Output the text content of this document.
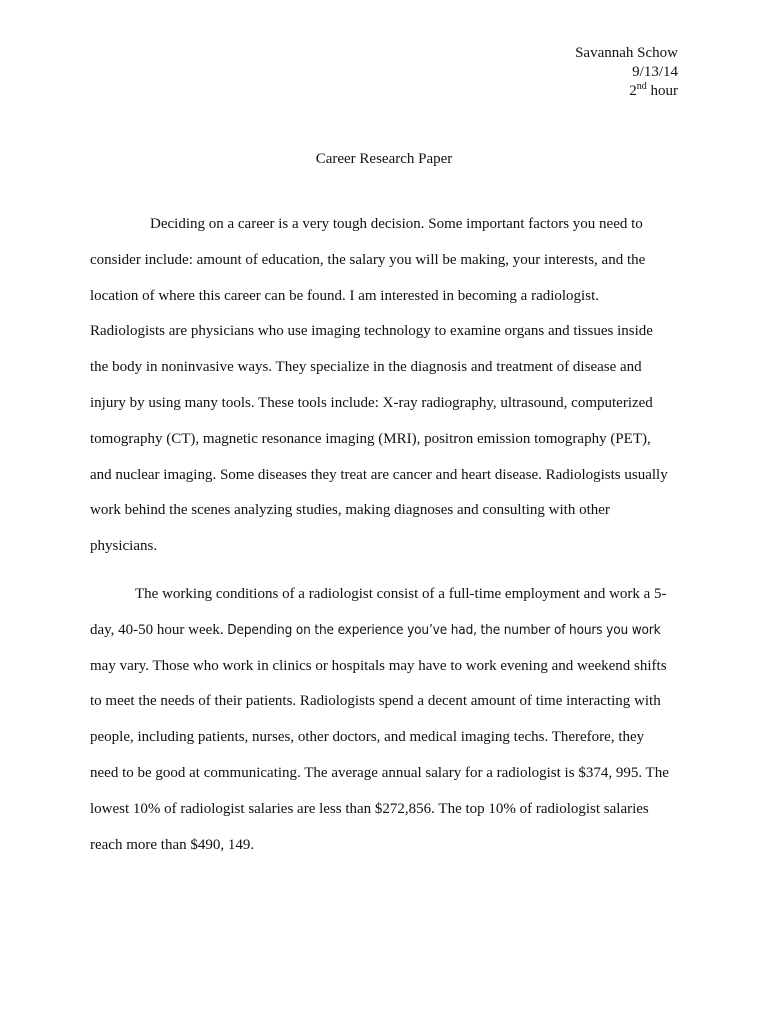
Savannah Schow
9/13/14
2nd hour
Career Research Paper

Deciding on a career is a very tough decision. Some important factors you need to
consider include: amount of education, the salary you will be making, your interests, and the
location of where this career can be found. I am interested in becoming a radiologist.
Radiologists are physicians who use imaging technology to examine organs and tissues inside
the body in noninvasive ways. They specialize in the diagnosis and treatment of disease and
injury by using many tools. These tools include: X-ray radiography, ultrasound, computerized
tomography (CT), magnetic resonance imaging (MRI), positron emission tomography (PET),
and nuclear imaging. Some diseases they treat are cancer and heart disease. Radiologists usually
work behind the scenes analyzing studies, making diagnoses and consulting with other
physicians.

The working conditions of a radiologist consist of a full-time employment and work a 5-
day, 40-50 hour week. Depending on the experience you’ve had, the number of hours you work
may vary. Those who work in clinics or hospitals may have to work evening and weekend shifts
to meet the needs of their patients. Radiologists spend a decent amount of time interacting with
people, including patients, nurses, other doctors, and medical imaging techs. Therefore, they
need to be good at communicating. The average annual salary for a radiologist is $374, 995. The
lowest 10% of radiologist salaries are less than $272,856. The top 10% of radiologist salaries
reach more than $490, 149.
